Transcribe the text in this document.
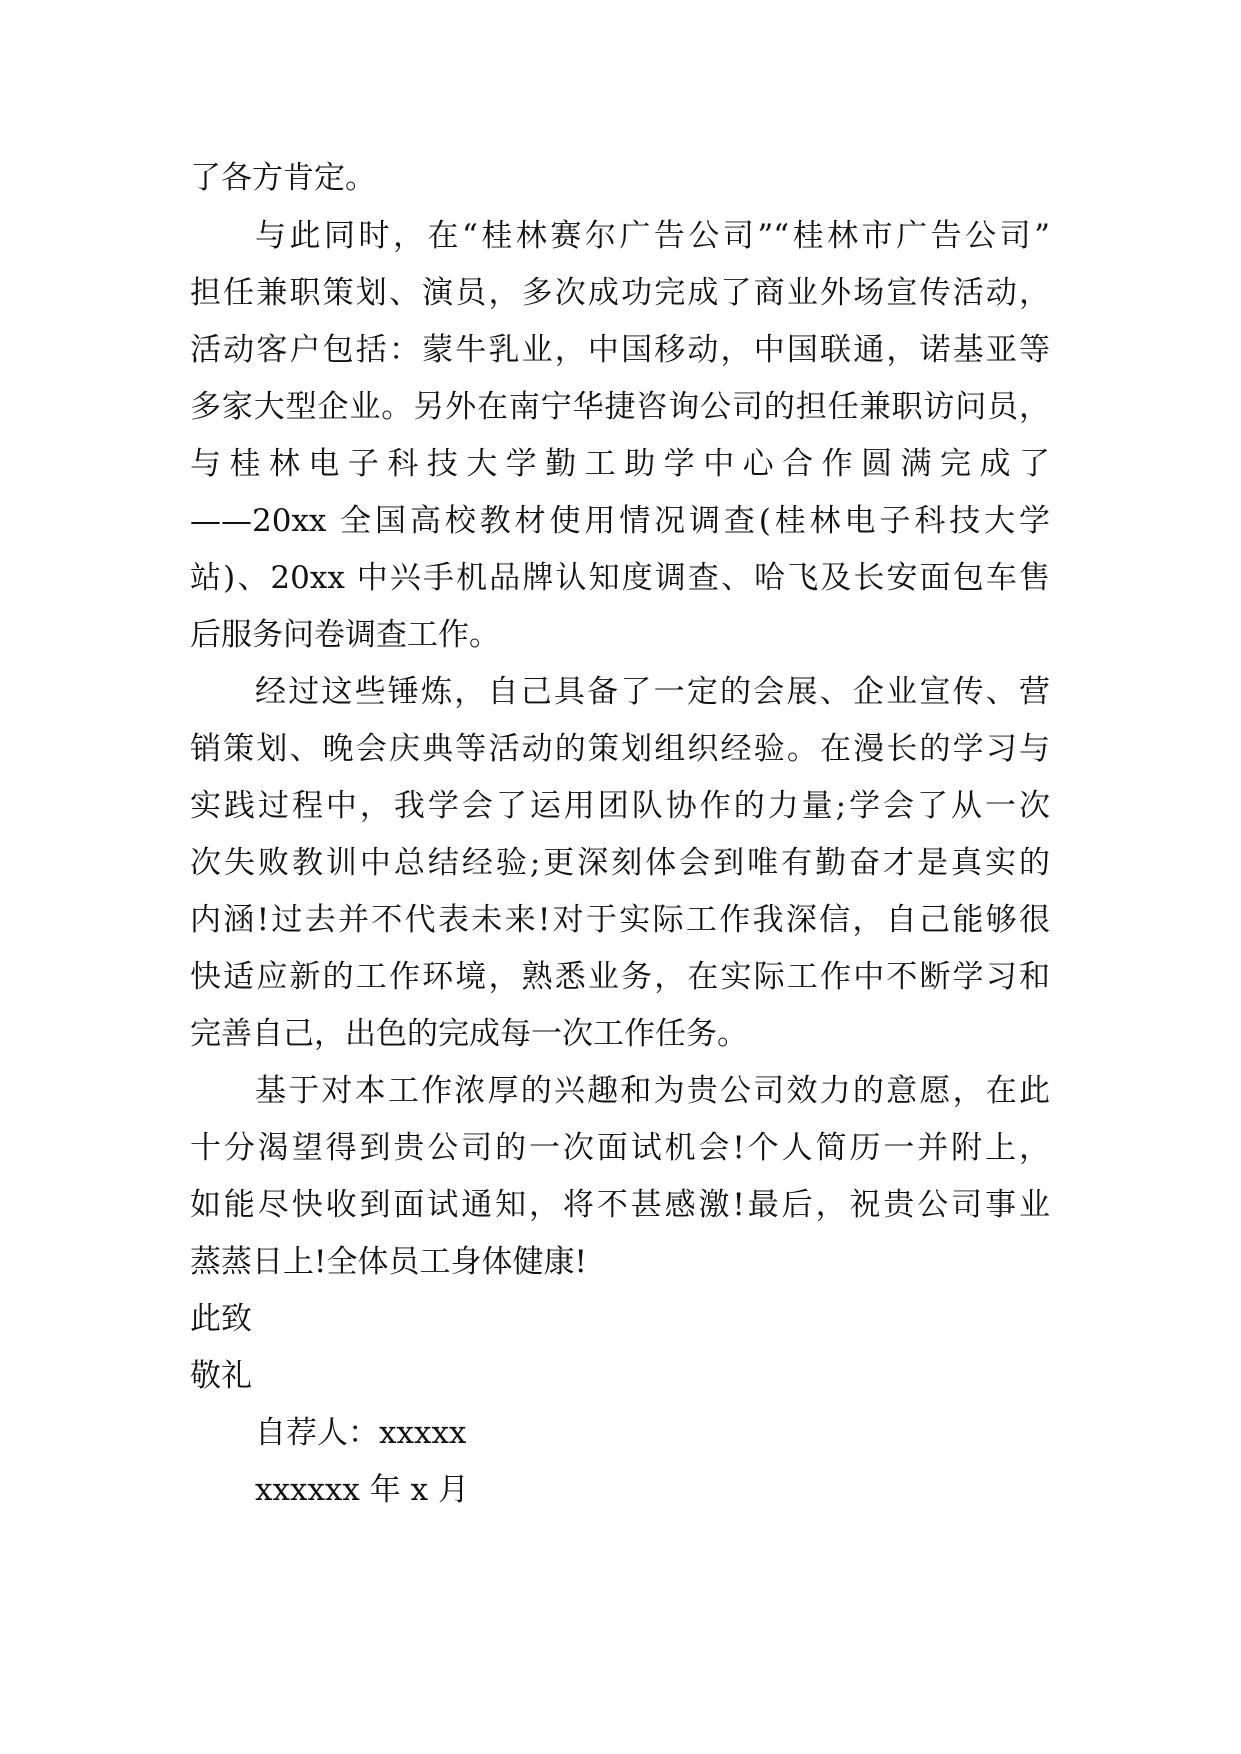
了各方肯定。
与此同时，在“桂林赛尔广告公司”“桂林市广告公司”
担任兼职策划、演员，多次成功完成了商业外场宣传活动，
活动客户包括：蒙牛乳业，中国移动，中国联通，诺基亚等
多家大型企业。另外在南宁华捷咨询公司的担任兼职访问员，
与桂林电子科技大学勤工助学中心合作圆满完成了
——20xx 全国高校教材使用情况调查(桂林电子科技大学
站)、20xx 中兴手机品牌认知度调查、哈飞及长安面包车售
后服务问卷调查工作。
经过这些锤炼，自己具备了一定的会展、企业宣传、营
销策划、晚会庆典等活动的策划组织经验。在漫长的学习与
实践过程中，我学会了运用团队协作的力量;学会了从一次
次失败教训中总结经验;更深刻体会到唯有勤奋才是真实的
内涵!过去并不代表未来!对于实际工作我深信，自己能够很
快适应新的工作环境，熟悉业务，在实际工作中不断学习和
完善自己，出色的完成每一次工作任务。
基于对本工作浓厚的兴趣和为贵公司效力的意愿，在此
十分渴望得到贵公司的一次面试机会!个人简历一并附上，
如能尽快收到面试通知，将不甚感激!最后，祝贵公司事业
蒸蒸日上!全体员工身体健康!
此致
敬礼
自荐人：xxxxx
xxxxxx 年 x 月
